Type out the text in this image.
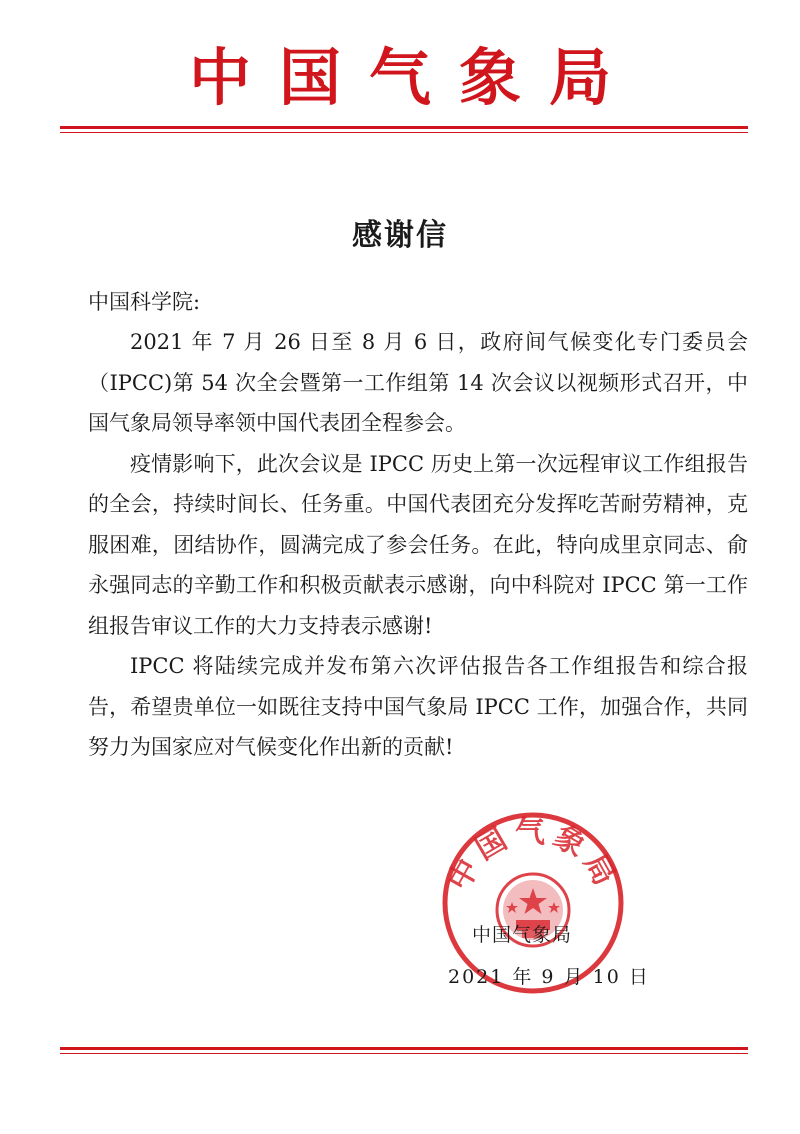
中国气象局
感谢信
中国科学院:

2021 年 7 月 26 日至 8 月 6 日，政府间气候变化专门委员会（IPCC)第 54 次全会暨第一工作组第 14 次会议以视频形式召开，中国气象局领导率领中国代表团全程参会。

疫情影响下，此次会议是 IPCC 历史上第一次远程审议工作组报告的全会，持续时间长、任务重。中国代表团充分发挥吃苦耐劳精神，克服困难，团结协作，圆满完成了参会任务。在此，特向成里京同志、俞永强同志的辛勤工作和积极贡献表示感谢，向中科院对 IPCC 第一工作组报告审议工作的大力支持表示感谢!

IPCC 将陆续完成并发布第六次评估报告各工作组报告和综合报告，希望贵单位一如既往支持中国气象局 IPCC 工作，加强合作，共同努力为国家应对气候变化作出新的贡献!

中国气象局
中国气象局
2021 年 9 月 10 日
